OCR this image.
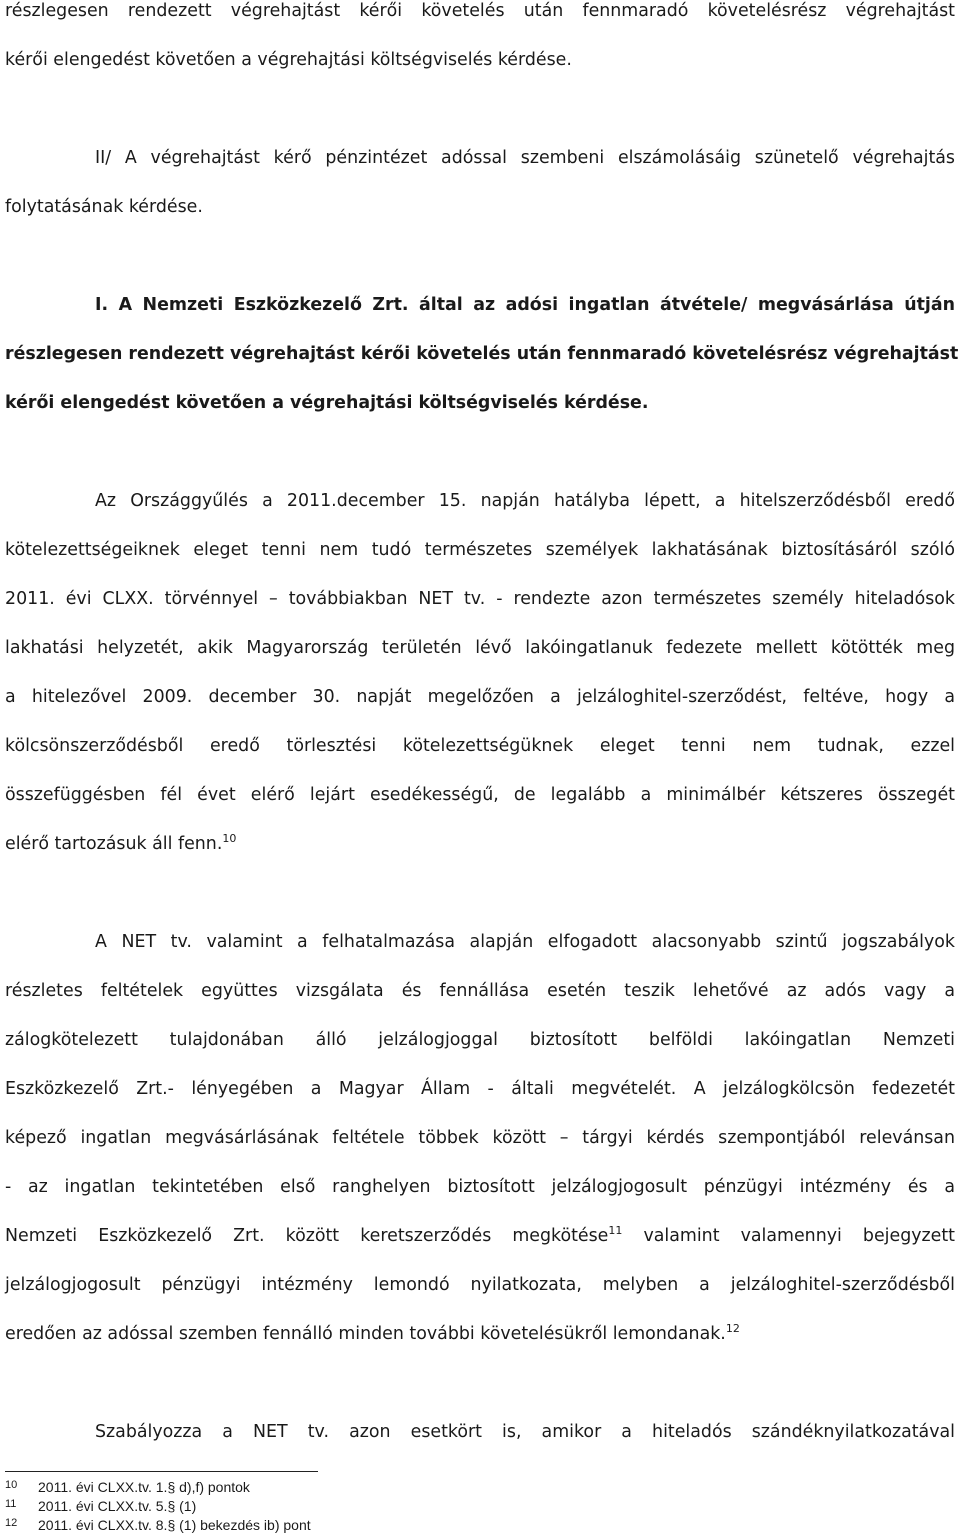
részlegesen rendezett végrehajtást kérői követelés után fennmaradó követelésrész végrehajtást
kérői elengedést követően a végrehajtási költségviselés kérdése.
II/ A végrehajtást kérő pénzintézet adóssal szembeni elszámolásáig szünetelő végrehajtás
folytatásának kérdése.
I. A Nemzeti Eszközkezelő Zrt. által az adósi ingatlan átvétele/ megvásárlása útján
részlegesen rendezett végrehajtást kérői követelés után fennmaradó követelésrész végrehajtást
kérői elengedést követően a végrehajtási költségviselés kérdése.
Az Országgyűlés a 2011.december 15. napján hatályba lépett, a hitelszerződésből eredő
kötelezettségeiknek eleget tenni nem tudó természetes személyek lakhatásának biztosításáról szóló
2011. évi CLXX. törvénnyel – továbbiakban NET tv. - rendezte azon természetes személy hiteladósok
lakhatási helyzetét, akik Magyarország területén lévő lakóingatlanuk fedezete mellett kötötték meg
a hitelezővel 2009. december 30. napját megelőzően a jelzáloghitel-szerződést, feltéve, hogy a
kölcsönszerződésből eredő törlesztési kötelezettségüknek eleget tenni nem tudnak, ezzel
összefüggésben fél évet elérő lejárt esedékességű, de legalább a minimálbér kétszeres összegét
elérő tartozásuk áll fenn.$^{10}$
A NET tv. valamint a felhatalmazása alapján elfogadott alacsonyabb szintű jogszabályok
részletes feltételek együttes vizsgálata és fennállása esetén teszik lehetővé az adós vagy a
zálogkötelezett tulajdonában álló jelzálogjoggal biztosított belföldi lakóingatlan Nemzeti
Eszközkezelő Zrt.- lényegében a Magyar Állam - általi megvételét. A jelzálogkölcsön fedezetét
képező ingatlan megvásárlásának feltétele többek között – tárgyi kérdés szempontjából relevánsan
- az ingatlan tekintetében első ranghelyen biztosított jelzálogjogosult pénzügyi intézmény és a
Nemzeti Eszközkezelő Zrt. között keretszerződés megkötése$^{11}$ valamint valamennyi bejegyzett
jelzálogjogosult pénzügyi intézmény lemondó nyilatkozata, melyben a jelzáloghitel-szerződésből
eredően az adóssal szemben fennálló minden további követelésükről lemondanak.$^{12}$
Szabályozza a NET tv. azon esetkört is, amikor a hiteladós szándéknyilatkozatával
10 2011. évi CLXX.tv. 1.§ d),f) pontok
11 2011. évi CLXX.tv. 5.§ (1)
12 2011. évi CLXX.tv. 8.§ (1) bekezdés ib) pont
